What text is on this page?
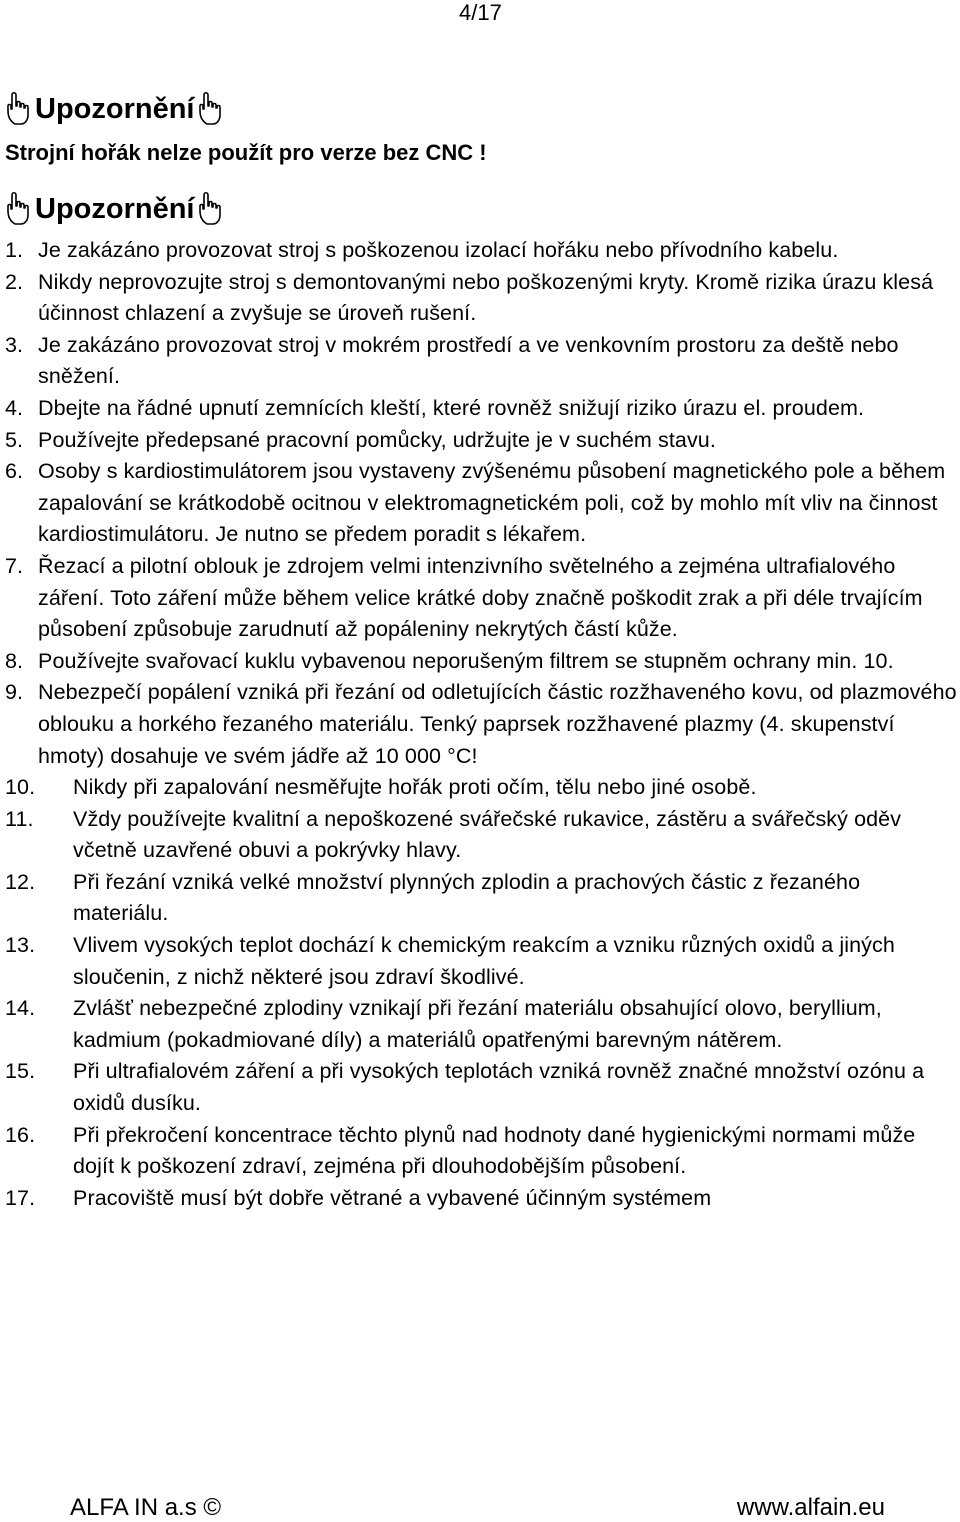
4/17
Upozornění
Strojní hořák nelze použít pro verze bez CNC !
Upozornění
1. Je zakázáno provozovat stroj s poškozenou izolací hořáku nebo přívodního kabelu.
2. Nikdy neprovozujte stroj s demontovanými nebo poškozenými kryty. Kromě rizika úrazu klesá účinnost chlazení a zvyšuje se úroveň rušení.
3. Je zakázáno provozovat stroj v mokrém prostředí a ve venkovním prostoru za deště nebo sněžení.
4. Dbejte na řádné upnutí zemnících kleští, které rovněž snižují riziko úrazu el. proudem.
5. Používejte předepsané pracovní pomůcky, udržujte je v suchém stavu.
6. Osoby s kardiostimulátorem jsou vystaveny zvýšenému působení magnetického pole a během zapalování se krátkodobě ocitnou v elektromagnetickém poli, což by mohlo mít vliv na činnost kardiostimulátoru. Je nutno se předem poradit s lékařem.
7. Řezací a pilotní oblouk je zdrojem velmi intenzivního světelného a zejména ultrafialového záření. Toto záření může během velice krátké doby značně poškodit zrak a při déle trvajícím působení způsobuje zarudnutí až popáleniny nekrytých částí kůže.
8. Používejte svařovací kuklu vybavenou neporušeným filtrem se stupněm ochrany min. 10.
9. Nebezpečí popálení vzniká při řezání od odletujících částic rozžhaveného kovu, od plazmového oblouku a horkého řezaného materiálu. Tenký paprsek rozžhavené plazmy (4. skupenství hmoty) dosahuje ve svém jádře až 10 000 °C!
10.	Nikdy při zapalování nesměřujte hořák proti očím, tělu nebo jiné osobě.
11.	Vždy používejte kvalitní a nepoškozené svářečské rukavice, zástěru a svářečský oděv včetně uzavřené obuvi a pokrývky hlavy.
12.	Při řezání vzniká velké množství plynných zplodin a prachových částic z řezaného materiálu.
13.	Vlivem vysokých teplot dochází k chemickým reakcím a vzniku různých oxidů a jiných sloučenin, z nichž některé jsou zdraví škodlivé.
14.	Zvlášť nebezpečné zplodiny vznikají při řezání materiálu obsahující olovo, beryllium, kadmium (pokadmiované díly) a materiálů opatřenými barevným nátěrem.
15.	Při ultrafialovém záření a při vysokých teplotách vzniká rovněž značné množství ozónu a oxidů dusíku.
16.	Při překročení koncentrace těchto plynů nad hodnoty dané hygienickými normami může dojít k poškození zdraví, zejména při dlouhodobějším působení.
17.	Pracoviště musí být dobře větrané a vybavené účinným systémem
ALFA IN a.s ©	www.alfain.eu
